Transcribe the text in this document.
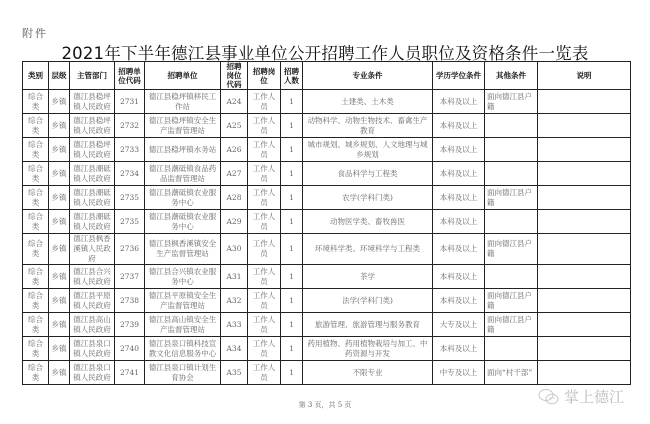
附件
2021年下半年德江县事业单位公开招聘工作人员职位及资格条件一览表
类别	层级	主管部门	招聘单位代码	招聘单位	招聘岗位代码	招聘岗位	招聘人数	专业条件	学历学位条件	其他条件	说明
综合类	乡镇	德江县稳坪镇人民政府	2731	德江县稳坪镇移民工作站	A24	工作人员	1	土建类、土木类	本科及以上	面向德江县户籍	
综合类	乡镇	德江县稳坪镇人民政府	2732	德江县稳坪镇安全生产监督管理站	A25	工作人员	1	动物科学、动物生物技术、畜禽生产教育	本科及以上		
综合类	乡镇	德江县稳坪镇人民政府	2733	德江县稳坪镇水务站	A26	工作人员	1	城市规划、城乡规划、人文地理与城乡规划	本科及以上		
综合类	乡镇	德江县潮砥镇人民政府	2734	德江县潮砥镇食品药品监督管理站	A27	工作人员	1	食品科学与工程类	本科及以上		
综合类	乡镇	德江县潮砥镇人民政府	2735	德江县潮砥镇农业服务中心	A28	工作人员	1	农学(学科门类)	本科及以上	面向德江县户籍	
综合类	乡镇	德江县潮砥镇人民政府	2735	德江县潮砥镇农业服务中心	A29	工作人员	1	动物医学类、畜牧兽医	本科及以上		
综合类	乡镇	德江县枫香溪镇人民政府	2736	德江县枫香溪镇安全生产监督管理站	A30	工作人员	1	环境科学类、环境科学与工程类	本科及以上	面向德江县户籍	
综合类	乡镇	德江县合兴镇人民政府	2737	德江县合兴镇农业服务中心	A31	工作人员	1	茶学	本科及以上		
综合类	乡镇	德江县平原镇人民政府	2738	德江县平原镇安全生产监督管理站	A32	工作人员	1	法学(学科门类)	本科及以上	面向德江县户籍	
综合类	乡镇	德江县高山镇人民政府	2739	德江县高山镇安全生产监督管理站	A33	工作人员	1	旅游管理、旅游管理与服务教育	大专及以上	面向德江县户籍	
综合类	乡镇	德江县泉口镇人民政府	2740	德江县泉口镇科技宣教文化信息服务中心	A34	工作人员	1	药用植物、药用植物栽培与加工、中药资源与开发	本科及以上		
综合类	乡镇	德江县泉口镇人民政府	2741	德江县泉口镇计划生育协会	A35	工作人员	1	不限专业	中专及以上	面向“村干部”	
第 3 页，共 5 页	掌上德江
